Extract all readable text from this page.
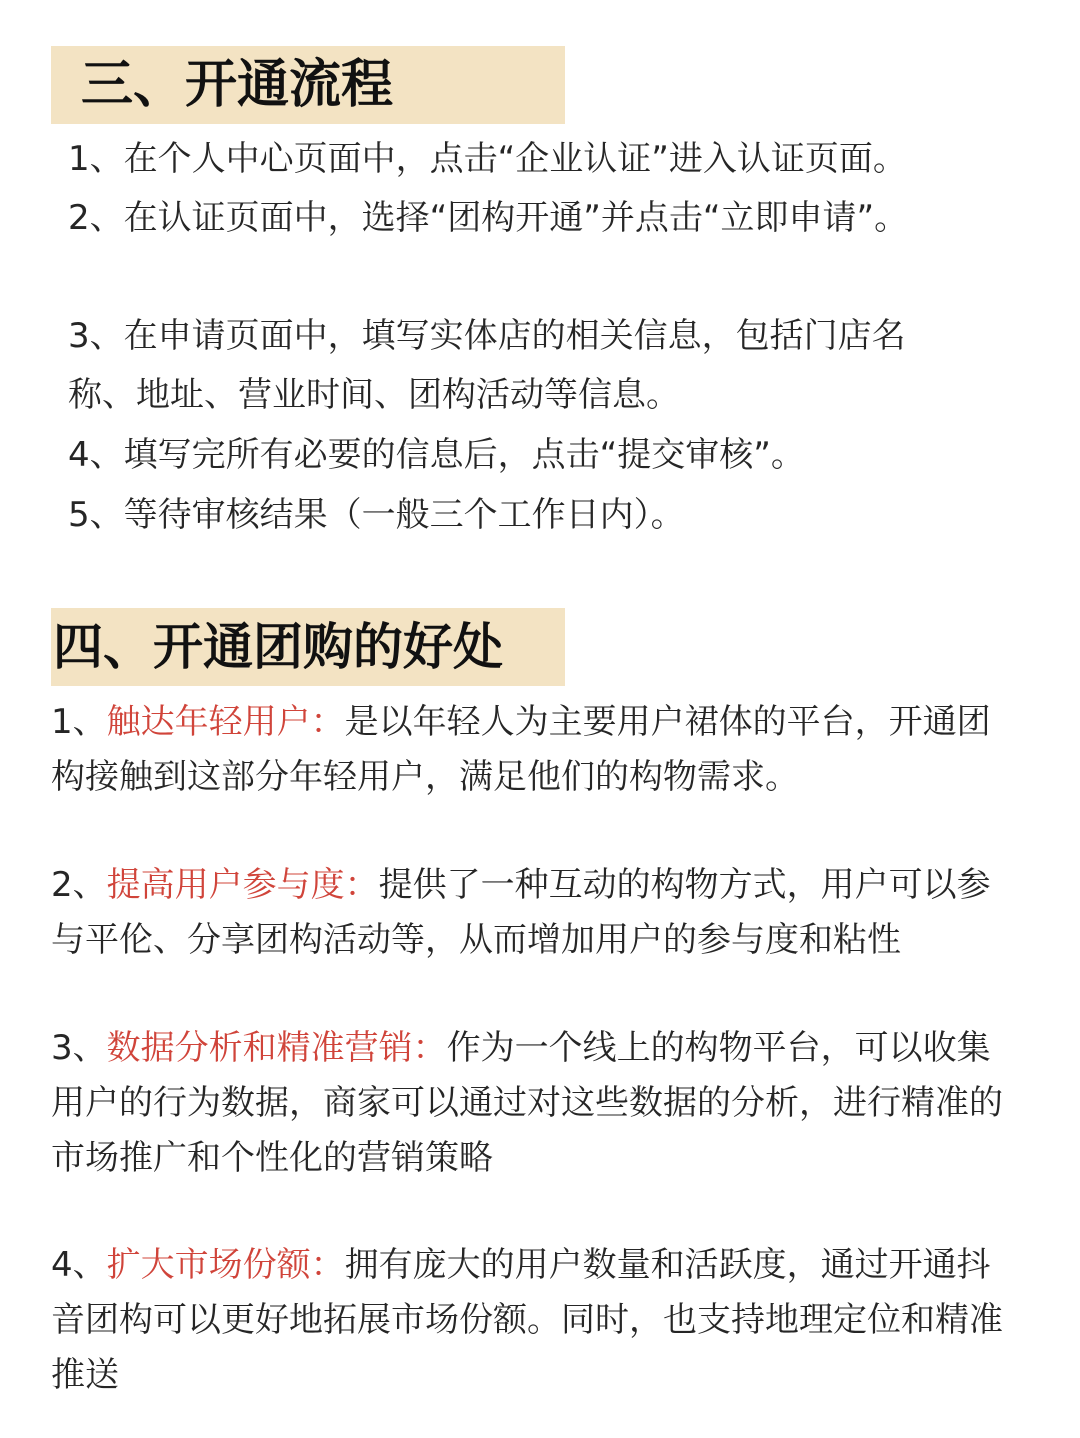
三、开通流程

1、在个人中心页面中，点击“企业认证”进入认证页面。

2、在认证页面中，选择“团构开通”并点击“立即申请”。

3、在申请页面中，填写实体店的相关信息，包括门店名称、地址、营业时间、团构活动等信息。

4、填写完所有必要的信息后，点击“提交审核”。

5、等待审核结果（一般三个工作日内）。

四、开通团购的好处

1、触达年轻用户：是以年轻人为主要用户裙体的平台，开通团构接触到这部分年轻用户，满足他们的构物需求。

2、提高用户参与度：提供了一种互动的构物方式，用户可以参与平伦、分享团构活动等，从而增加用户的参与度和粘性

3、数据分析和精准营销：作为一个线上的构物平台，可以收集用户的行为数据，商家可以通过对这些数据的分析，进行精准的市场推广和个性化的营销策略

4、扩大市场份额：拥有庞大的用户数量和活跃度，通过开通抖音团构可以更好地拓展市场份额。同时，也支持地理定位和精准推送
